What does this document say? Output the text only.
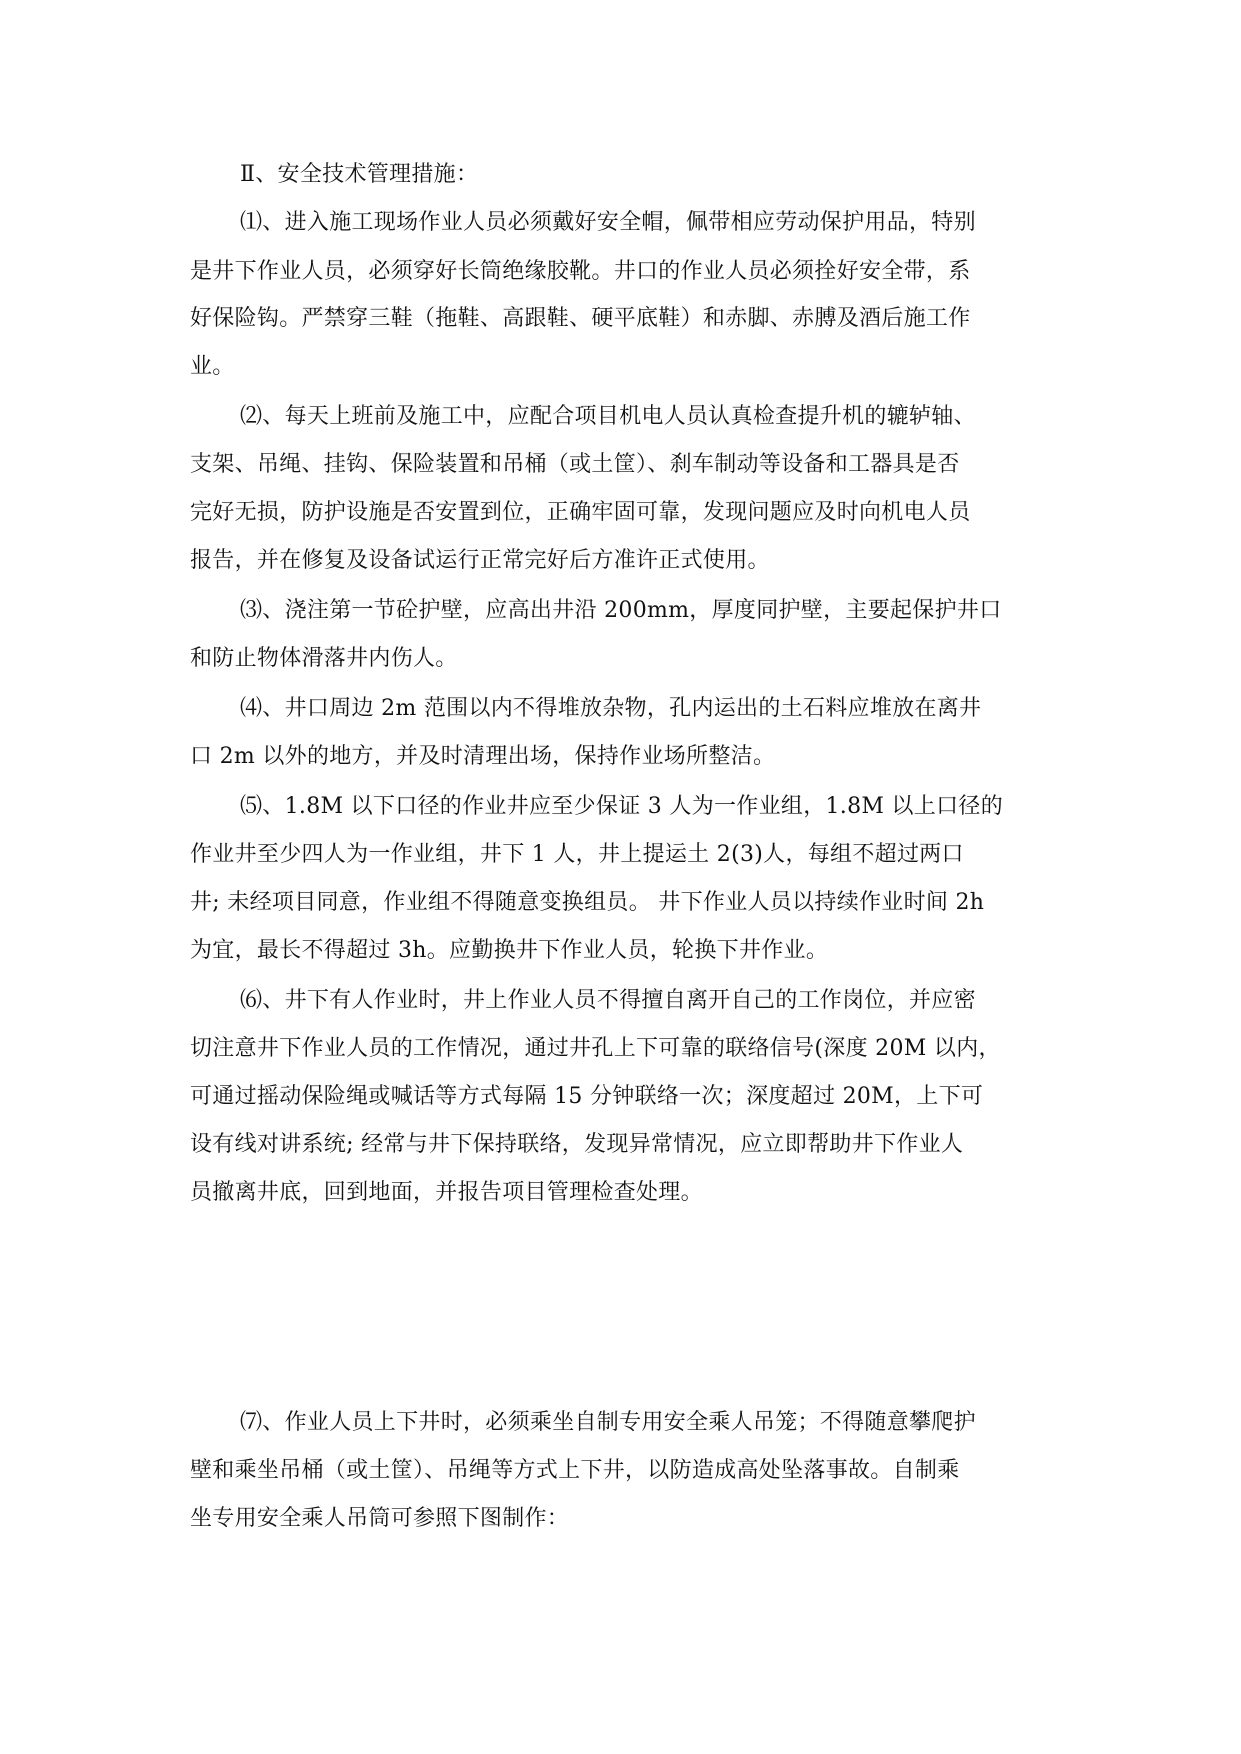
Ⅱ、安全技术管理措施：

⑴、进入施工现场作业人员必须戴好安全帽，佩带相应劳动保护用品，特别

是井下作业人员，必须穿好长筒绝缘胶靴。井口的作业人员必须拴好安全带，系

好保险钩。严禁穿三鞋（拖鞋、高跟鞋、硬平底鞋）和赤脚、赤膊及酒后施工作

业。

⑵、每天上班前及施工中，应配合项目机电人员认真检查提升机的辘轳轴、

支架、吊绳、挂钩、保险装置和吊桶（或土筐）、刹车制动等设备和工器具是否

完好无损，防护设施是否安置到位，正确牢固可靠，发现问题应及时向机电人员

报告，并在修复及设备试运行正常完好后方准许正式使用。

⑶、浇注第一节砼护壁，应高出井沿 200mm，厚度同护壁，主要起保护井口

和防止物体滑落井内伤人。

⑷、井口周边 2m 范围以内不得堆放杂物，孔内运出的土石料应堆放在离井

口 2m 以外的地方，并及时清理出场，保持作业场所整洁。

⑸、1.8M 以下口径的作业井应至少保证 3 人为一作业组，1.8M 以上口径的

作业井至少四人为一作业组，井下 1 人，井上提运土 2(3)人，每组不超过两口

井; 未经项目同意，作业组不得随意变换组员。 井下作业人员以持续作业时间 2h

为宜，最长不得超过 3h。应勤换井下作业人员，轮换下井作业。

⑹、井下有人作业时，井上作业人员不得擅自离开自己的工作岗位，并应密

切注意井下作业人员的工作情况，通过井孔上下可靠的联络信号(深度 20M 以内，

可通过摇动保险绳或喊话等方式每隔 15 分钟联络一次；深度超过 20M，上下可

设有线对讲系统; 经常与井下保持联络，发现异常情况，应立即帮助井下作业人

员撤离井底，回到地面，并报告项目管理检查处理。

⑺、作业人员上下井时，必须乘坐自制专用安全乘人吊笼；不得随意攀爬护

壁和乘坐吊桶（或土筐）、吊绳等方式上下井，以防造成高处坠落事故。自制乘

坐专用安全乘人吊筒可参照下图制作：
